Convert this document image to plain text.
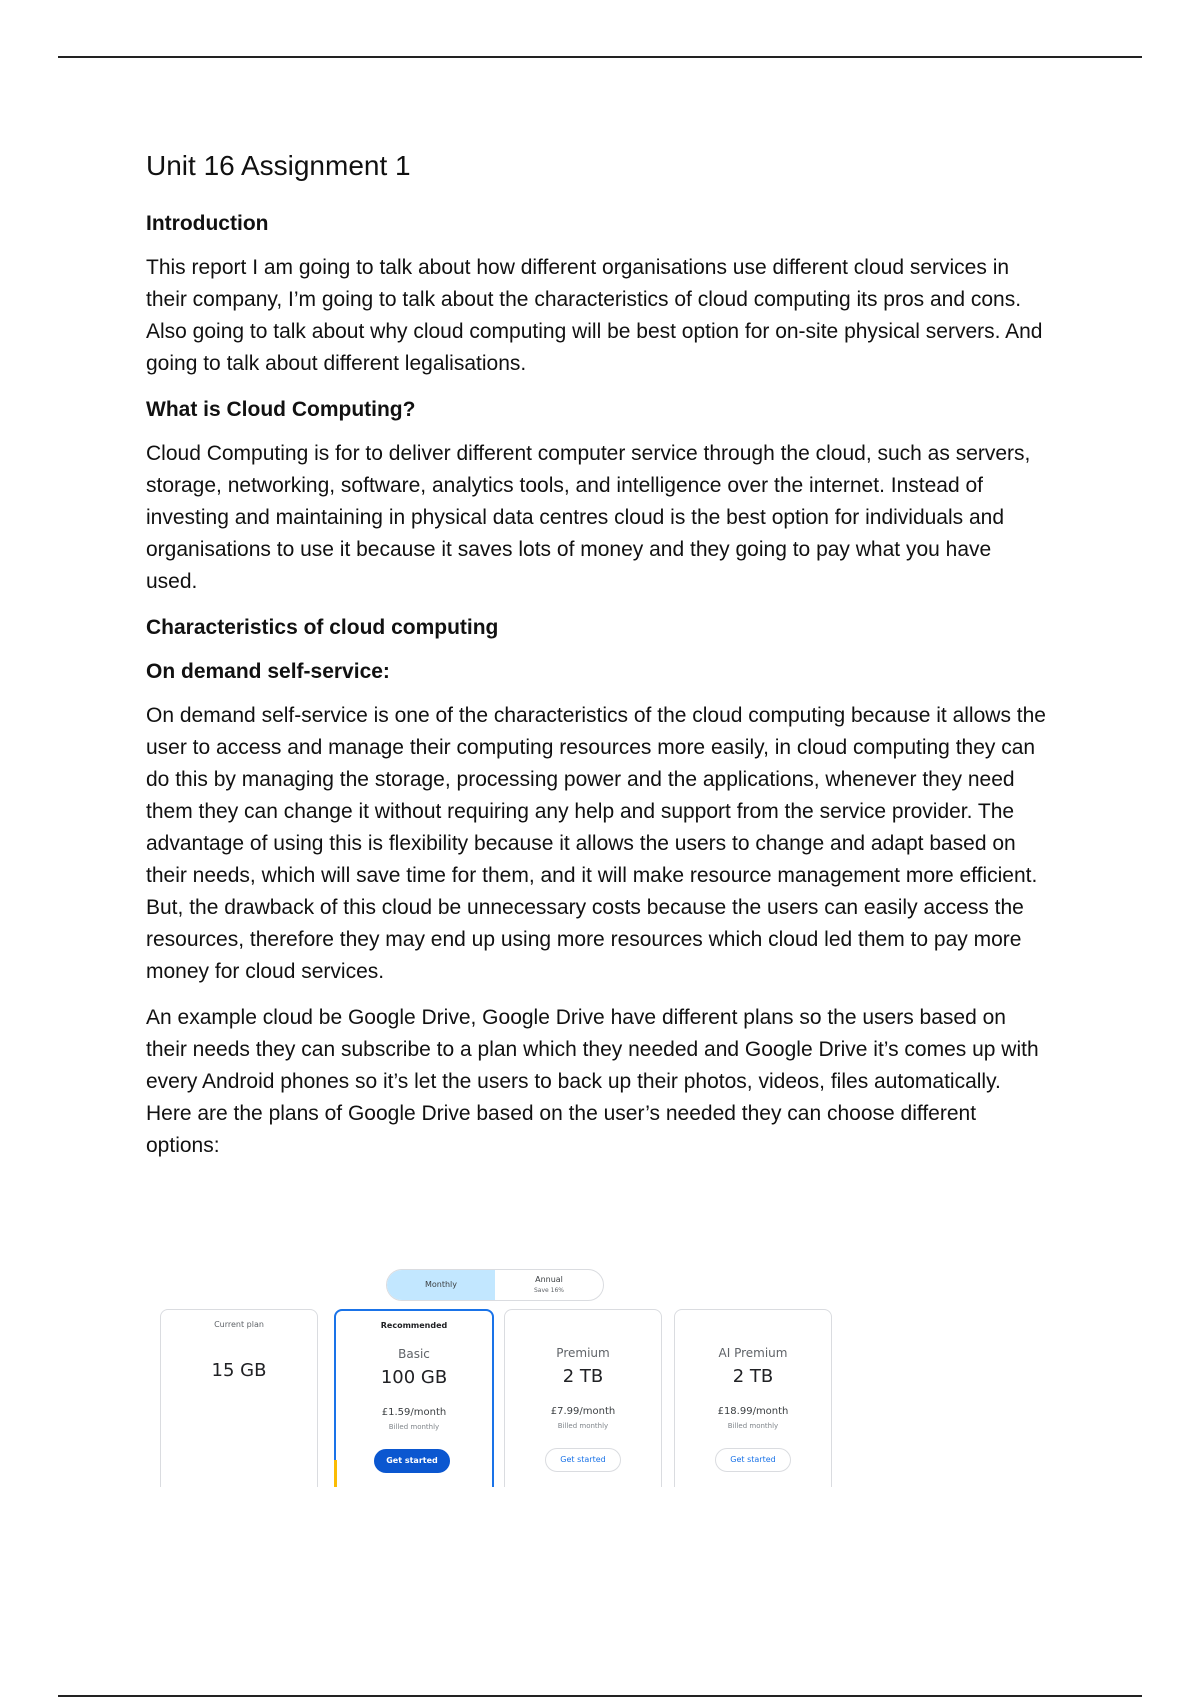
Unit 16 Assignment 1
Introduction

This report I am going to talk about how different organisations use different cloud services in their company, I’m going to talk about the characteristics of cloud computing its pros and cons. Also going to talk about why cloud computing will be best option for on-site physical servers. And going to talk about different legalisations.

What is Cloud Computing?

Cloud Computing is for to deliver different computer service through the cloud, such as servers, storage, networking, software, analytics tools, and intelligence over the internet. Instead of investing and maintaining in physical data centres cloud is the best option for individuals and organisations to use it because it saves lots of money and they going to pay what you have used.

Characteristics of cloud computing
On demand self-service:

On demand self-service is one of the characteristics of the cloud computing because it allows the user to access and manage their computing resources more easily, in cloud computing they can do this by managing the storage, processing power and the applications, whenever they need them they can change it without requiring any help and support from the service provider. The advantage of using this is flexibility because it allows the users to change and adapt based on their needs, which will save time for them, and it will make resource management more efficient. But, the drawback of this cloud be unnecessary costs because the users can easily access the resources, therefore they may end up using more resources which cloud led them to pay more money for cloud services.

An example cloud be Google Drive, Google Drive have different plans so the users based on their needs they can subscribe to a plan which they needed and Google Drive it’s comes up with every Android phones so it’s let the users to back up their photos, videos, files automatically. Here are the plans of Google Drive based on the user’s needed they can choose different options:

Monthly
Annual
Save 16%
Current plan
15 GB
Recommended
Basic
100 GB
£1.59/month
Billed monthly
Get started
Premium
2 TB
£7.99/month
Billed monthly
Get started
AI Premium
2 TB
£18.99/month
Billed monthly
Get started
